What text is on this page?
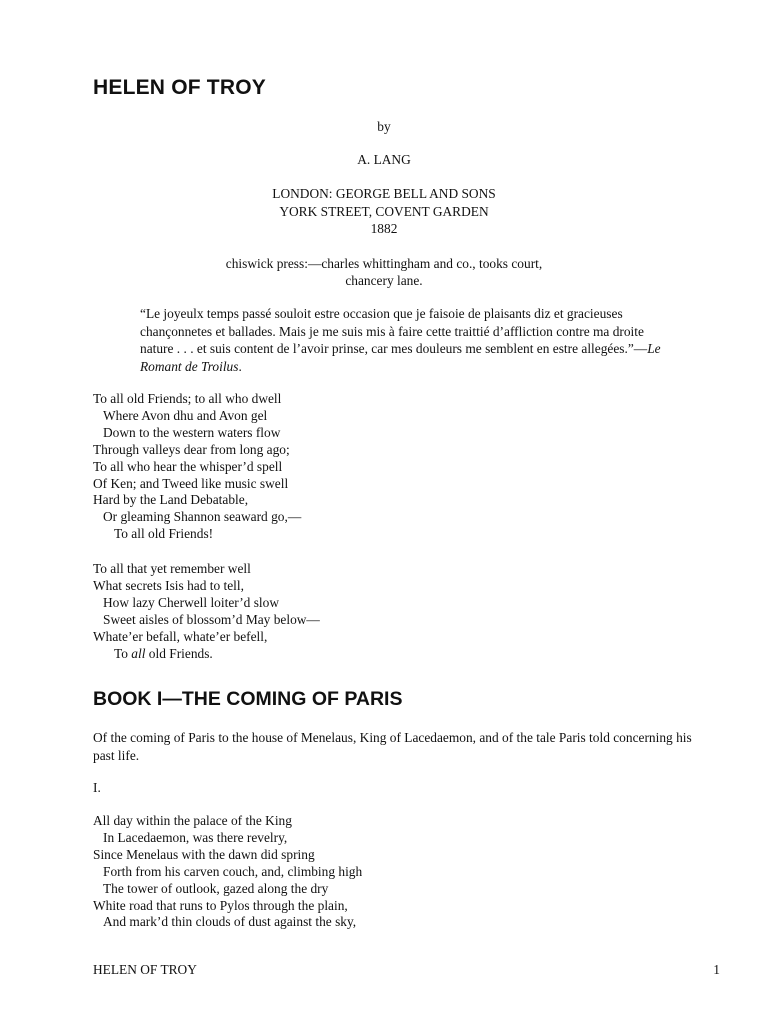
HELEN OF TROY

by

A. LANG

LONDON: GEORGE BELL AND SONS

YORK STREET, COVENT GARDEN

1882

chiswick press:—charles whittingham and co., tooks court,

chancery lane.

“Le joyeulx temps passé souloit estre occasion que je faisoie de plaisants diz et gracieuses chançonnetes et ballades. Mais je me suis mis à faire cette traittié d’affliction contre ma droite nature . . . et suis content de l’avoir prinse, car mes douleurs me semblent en estre allegées.”—Le Romant de Troilus.

To all old Friends; to all who dwell
Where Avon dhu and Avon gel
Down to the western waters flow
Through valleys dear from long ago;
To all who hear the whisper’d spell
Of Ken; and Tweed like music swell
Hard by the Land Debatable,
Or gleaming Shannon seaward go,—
To all old Friends!
To all that yet remember well
What secrets Isis had to tell,
How lazy Cherwell loiter’d slow
Sweet aisles of blossom’d May below—
Whate’er befall, whate’er befell,
To all old Friends.
BOOK I—THE COMING OF PARIS

Of the coming of Paris to the house of Menelaus, King of Lacedaemon, and of the tale Paris told concerning his past life.

I.

All day within the palace of the King
In Lacedaemon, was there revelry,
Since Menelaus with the dawn did spring
Forth from his carven couch, and, climbing high
The tower of outlook, gazed along the dry
White road that runs to Pylos through the plain,
And mark’d thin clouds of dust against the sky,

HELEN OF TROY	1
